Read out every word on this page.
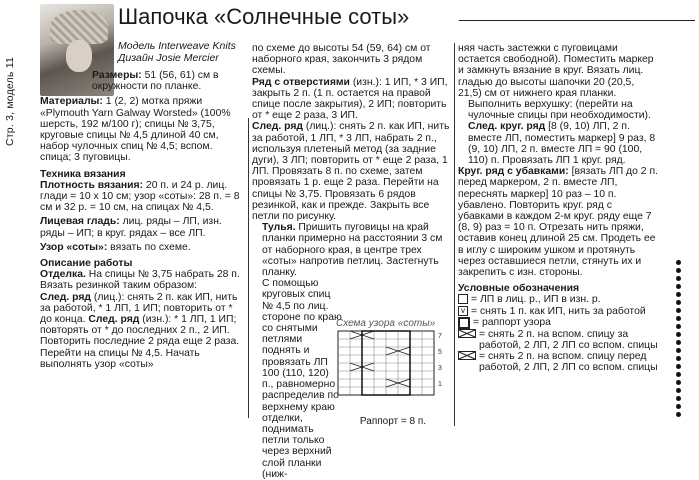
Стр. 3, модель 11
Шапочка «Солнечные соты»
Модель Interweave Knits
Дизайн Josie Mercier

Размеры: 51 (56, 61) см в окружности по планке.

Материалы: 1 (2, 2) мотка пряжи «Plymouth Yarn Galway Worsted» (100% шерсть, 192 м/100 г); спицы № 3,75, круговые спицы № 4,5 длиной 40 см, набор чулочных спиц № 4,5; вспом. спица; 3 пуговицы.

Техника вязания

Плотность вязания: 20 п. и 24 р. лиц. глади = 10 х 10 см; узор «соты»: 28 п. = 8 см и 32 р. = 10 см, на спицах № 4,5.

Лицевая гладь: лиц. ряды – ЛП, изн. ряды – ИП; в круг. рядах – все ЛП.

Узор «соты»: вязать по схеме.

Описание работы

Отделка. На спицы № 3,75 набрать 28 п. Вязать резинкой таким образом:

След. ряд (лиц.): снять 2 п. как ИП, нить за работой, * 1 ЛП, 1 ИП; повторить от * до конца. След. ряд (изн.): * 1 ЛП, 1 ИП; повторять от * до последних 2 п., 2 ИП. Повторить последние 2 ряда еще 2 раза. Перейти на спицы № 4,5. Начать выполнять узор «соты»

по схеме до высоты 54 (59, 64) см от наборного края, закончить 3 рядом схемы.

Ряд с отверстиями (изн.): 1 ИП, * 3 ИП, закрыть 2 п. (1 п. остается на правой спице после закрытия), 2 ИП; повторить от * еще 2 раза, 3 ИП.

След. ряд (лиц.): снять 2 п. как ИП, нить за работой, 1 ЛП, * 3 ЛП, набрать 2 п., используя плетеный метод (за задние дуги), 3 ЛП; повторить от * еще 2 раза, 1 ЛП. Провязать 8 п. по схеме, затем провязать 1 р. еще 2 раза. Перейти на спицы № 3,75. Провязать 6 рядов резинкой, как и прежде. Закрыть все петли по рисунку.

Тулья. Пришить пуговицы на край планки примерно на расстоянии 3 см от наборного края, в центре трех «соты» напротив петлиц. Застегнуть планку.

С помощью круговых спиц № 4,5 по лиц. стороне по краю со снятыми петлями поднять и провязать ЛП 100 (110, 120) п., равномерно распределив по верхнему краю отделки, поднимать петли только через верхний слой планки (ниж-

Схема узора «соты»
7
5
3
1
Раппорт = 8 п.

няя часть застежки с пуговицами остается свободной). Поместить маркер и замкнуть вязание в круг. Вязать лиц. гладью до высоты шапочки 20 (20,5, 21,5) см от нижнего края планки.

Выполнить верхушку: (перейти на чулочные спицы при необходимости).

След. круг. ряд [8 (9, 10) ЛП, 2 п. вместе ЛП, поместить маркер] 9 раз, 8 (9, 10) ЛП, 2 п. вместе ЛП = 90 (100, 110) п. Провязать ЛП 1 круг. ряд.

Круг. ряд с убавками: [вязать ЛП до 2 п. перед маркером, 2 п. вместе ЛП, переснять маркер] 10 раз – 10 п. убавлено. Повторить круг. ряд с убавками в каждом 2-м круг. ряду еще 7 (8, 9) раз = 10 п. Отрезать нить пряжи, оставив конец длиной 25 см. Продеть ее в иглу с широким ушком и протянуть через оставшиеся петли, стянуть их и закрепить с изн. стороны.

Условные обозначения

= ЛП в лиц. р., ИП в изн. р.
v = снять 1 п. как ИП, нить за работой
= раппорт узора
= снять 2 п. на вспом. спицу за работой, 2 ЛП, 2 ЛП со вспом. спицы
= снять 2 п. на вспом. спицу перед работой, 2 ЛП, 2 ЛП со вспом. спицы
